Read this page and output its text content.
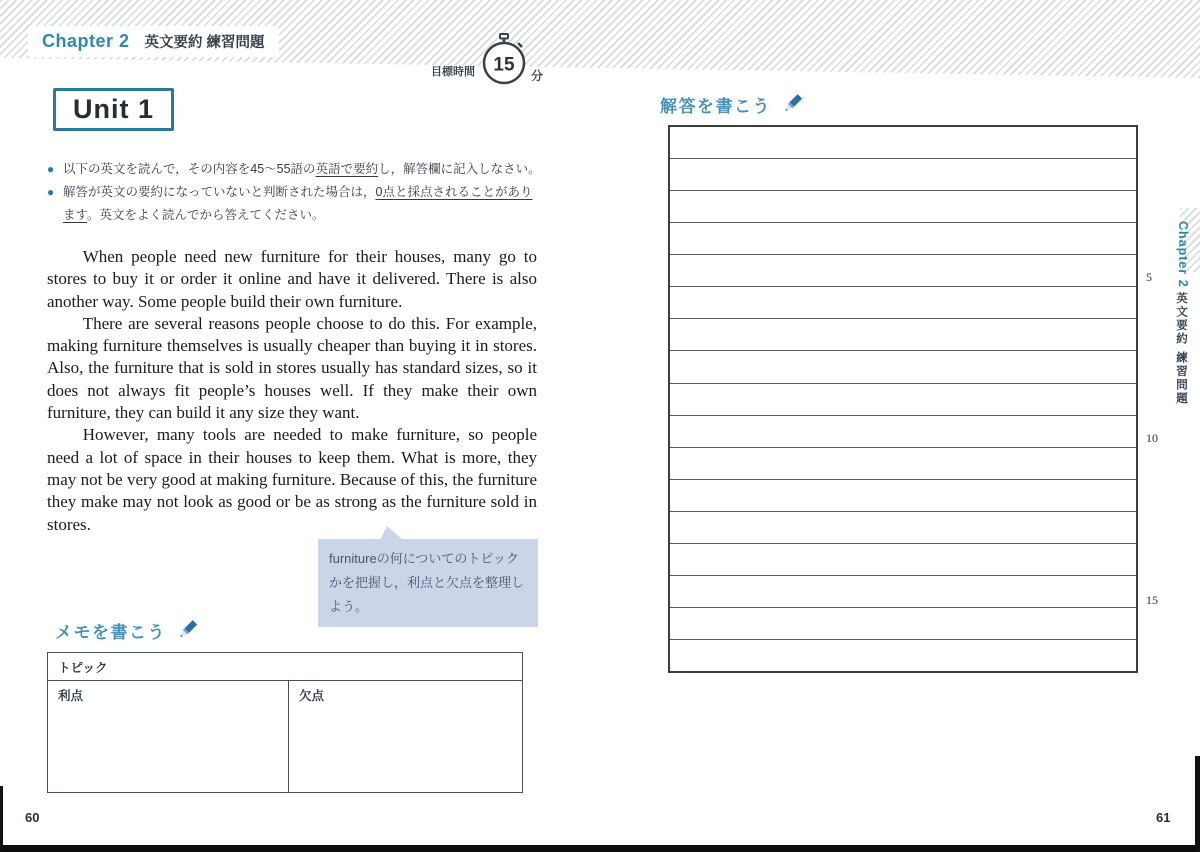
Chapter 2 英文要約 練習問題
目標時間 15
分
Unit 1
● 以下の英文を読んで，その内容を45〜55語の英語で要約し，解答欄に記入しなさい。
● 解答が英文の要約になっていないと判断された場合は，0点と採点されることがあります。英文をよく読んでから答えてください。

When people need new furniture for their houses, many go to stores to buy it or order it online and have it delivered. There is also another way. Some people build their own furniture.

There are several reasons people choose to do this. For example, making furniture themselves is usually cheaper than buying it in stores. Also, the furniture that is sold in stores usually has standard sizes, so it does not always fit people’s houses well. If they make their own furniture, they can build it any size they want.

However, many tools are needed to make furniture, so people need a lot of space in their houses to keep them. What is more, they may not be very good at making furniture. Because of this, the furniture they make may not look as good or be as strong as the furniture sold in stores.

furnitureの何についてのトピックかを把握し，利点と欠点を整理しよう。
メモを書こう
トピック
利点	欠点
解答を書こう
5
10
15
Chapter 2
英文要約 練習問題
60	61
